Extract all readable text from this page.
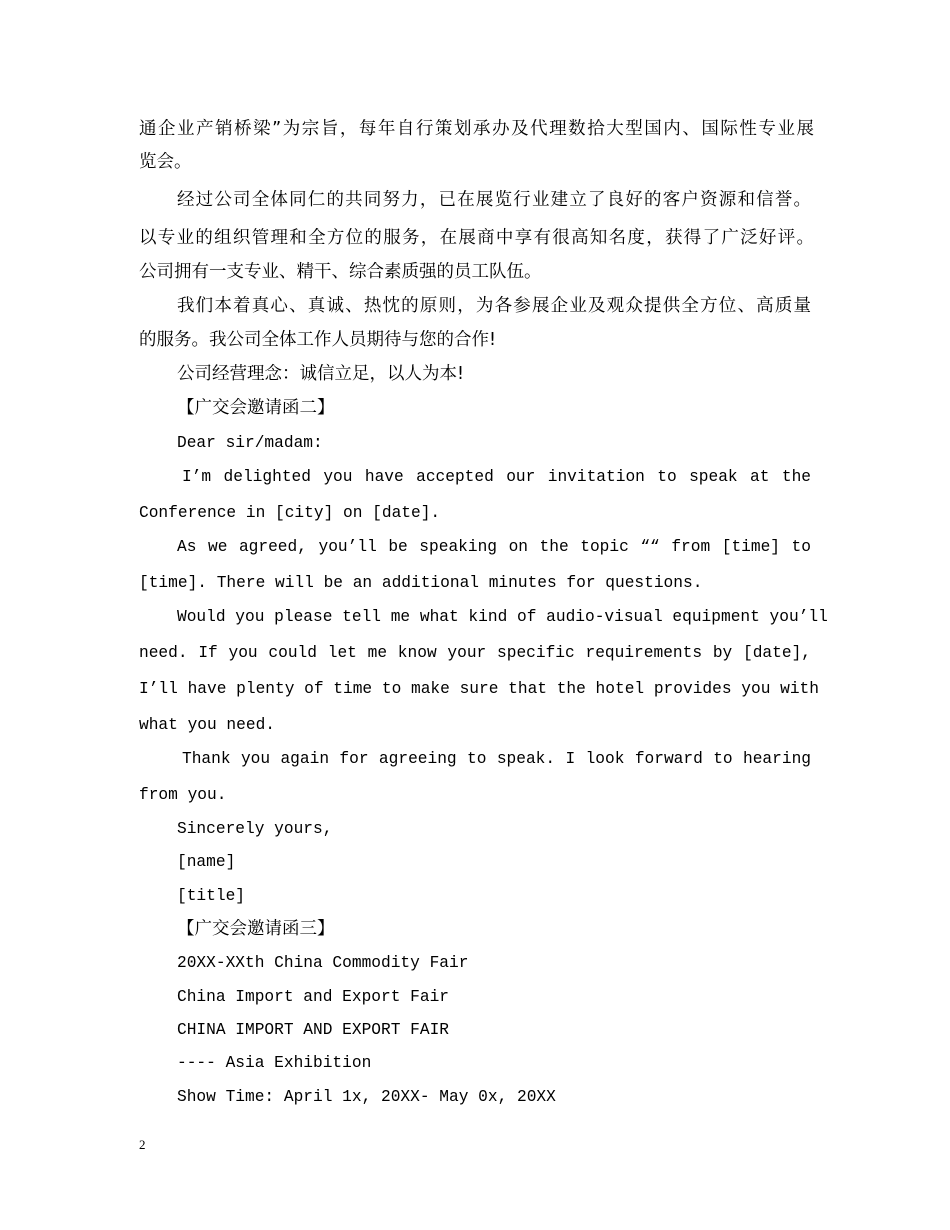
通企业产销桥梁”为宗旨，每年自行策划承办及代理数拾大型国内、国际性专业展
览会。
经过公司全体同仁的共同努力，已在展览行业建立了良好的客户资源和信誉。
以专业的组织管理和全方位的服务，在展商中享有很高知名度，获得了广泛好评。
公司拥有一支专业、精干、综合素质强的员工队伍。
我们本着真心、真诚、热忱的原则，为各参展企业及观众提供全方位、高质量
的服务。我公司全体工作人员期待与您的合作!
公司经营理念：诚信立足，以人为本!
【广交会邀请函二】
Dear sir/madam:
I’m delighted you have accepted our invitation to speak at the
Conference in [city] on [date].
As we agreed, you’ll be speaking on the topic ““ from [time] to
[time]. There will be an additional minutes for questions.
Would you please tell me what kind of audio-visual equipment you’ll
need. If you could let me know your specific requirements by [date],
I’ll have plenty of time to make sure that the hotel provides you with
what you need.
Thank you again for agreeing to speak. I look forward to hearing
from you.
Sincerely yours,
[name]
[title]
【广交会邀请函三】
20XX-XXth China Commodity Fair
China Import and Export Fair
CHINA IMPORT AND EXPORT FAIR
---- Asia Exhibition
Show Time: April 1x, 20XX- May 0x, 20XX
2
